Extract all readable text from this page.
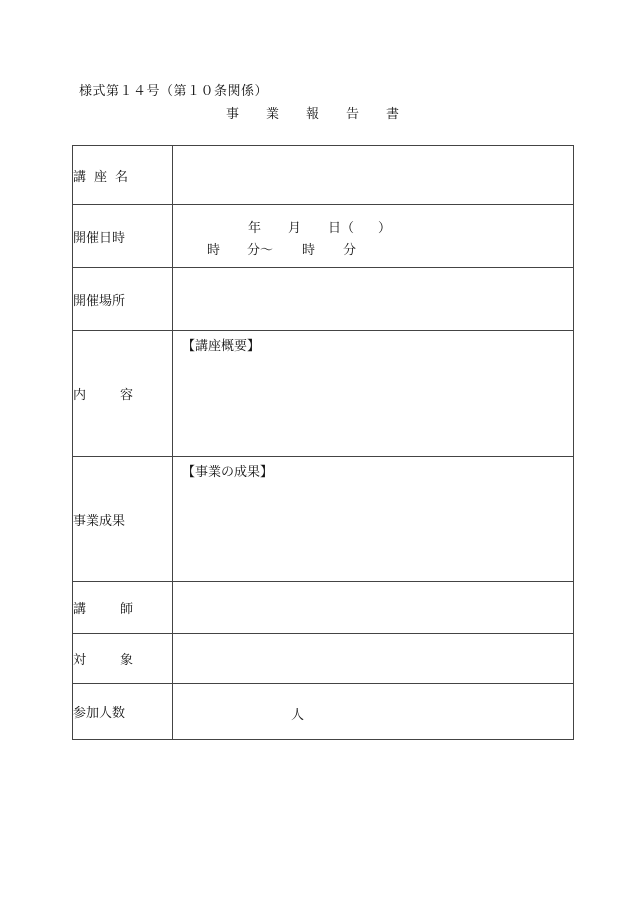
様式第１４号（第１０条関係）
事業報告書
講座名	
開催日時	年 月 日（ ）
時 分～ 時 分

開催場所	
内容	【講座概要】

事業成果	【事業の成果】

講師	
対象	
参加人数	人
